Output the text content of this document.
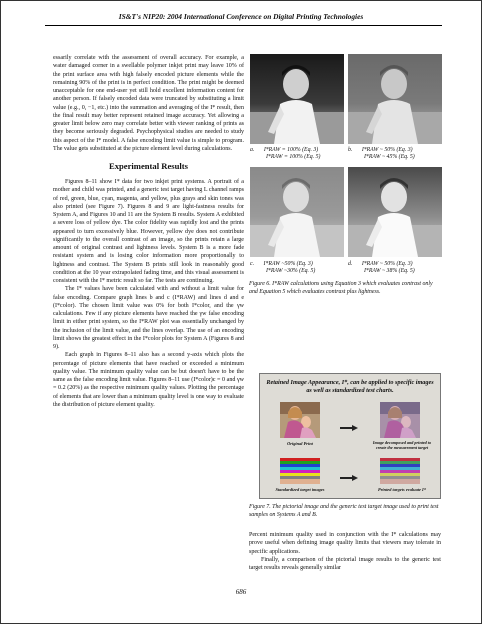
IS&T's NIP20: 2004 International Conference on Digital Printing Technologies

essarily correlate with the assessment of overall accuracy. For example, a water damaged corner in a swellable polymer inkjet print may leave 10% of the print surface area with high falsely encoded picture elements while the remaining 90% of the print is in perfect condition. The print might be deemed unacceptable for one end-user yet still hold excellent information content for another person. If falsely encoded data were truncated by substituting a limit value (e.g., 0, −1, etc.) into the summation and averaging of the I* result, then the final result may better represent retained image accuracy. Yet allowing a greater limit below zero may correlate better with viewer ranking of prints as they become seriously degraded. Psychophysical studies are needed to study this aspect of the I* model. A false encoding limit value is simple to program. The value gets substituted at the picture element level during calculations.

Experimental Results

Figures 8–11 show I* data for two inkjet print systems. A portrait of a mother and child was printed, and a generic test target having L channel ramps of red, green, blue, cyan, magenta, and yellow, plus grays and skin tones was also printed (see Figure 7). Figures 8 and 9 are light-fastness results for System A, and Figures 10 and 11 are the System B results. System A exhibited a severe loss of yellow dye. The color fidelity was rapidly lost and the prints appeared to turn excessively blue. However, yellow dye does not contribute significantly to the overall contrast of an image, so the prints retain a large amount of original contrast and lightness levels. System B is a more fade resistant system and is losing color information more proportionally to lightness and contrast. The System B prints still look in reasonably good condition at the 10 year extrapolated fading time, and this visual assessment is consistent with the I* metric result so far. The tests are continuing.

The I* values have been calculated with and without a limit value for false encoding. Compare graph lines b and c (I*RAW) and lines d and e (I*color). The chosen limit value was 0% for both I*color, and the γw calculations. Few if any picture elements have reached the γw false encoding limit in either print system, so the I*RAW plot was essentially unchanged by the inclusion of the limit value, and the lines overlap. The use of an encoding limit shows the greatest effect in the I*color plots for System A (Figures 8 and 9).

Each graph in Figures 8–11 also has a second y-axis which plots the percentage of picture elements that have reached or exceeded a minimum quality value. The minimum quality value can be but doesn't have to be the same as the false encoding limit value. Figures 8–11 use (I*color)c = 0 and γw = 0.2 (20%) as the respective minimum quality values. Plotting the percentage of elements that are lower than a minimum quality level is one way to evaluate the distribution of picture element quality.

a. I*RAW = 100% (Eq. 3)
I*RAW = 100% (Eq. 5)
b. I*RAW ~ 50% (Eq. 3)
I*RAW ~ 45% (Eq. 5)
c. I*RAW ~50% (Eq. 3)
I*RAW ~30% (Eq. 5)
d. I*RAW ~ 50% (Eq. 3)
I*RAW ~ 38% (Eq. 5)
Figure 6. I*RAW calculations using Equation 3 which evaluates contrast only and Equation 5 which evaluates contrast plus lightness.
Retained Image Appearance, I*, can be applied to specific images as well as standardized test charts.
Original Print	Image decomposed and printed to create the measurement target
Standardized target images	Printed targets evaluate I*
Figure 7. The pictorial image and the generic test target image used to print test samples on Systems A and B.

Percent minimum quality used in conjunction with the I* calculations may prove useful when defining image quality limits that viewers may tolerate in specific applications.

Finally, a comparison of the pictorial image results to the generic test target results reveals generally similar

686
